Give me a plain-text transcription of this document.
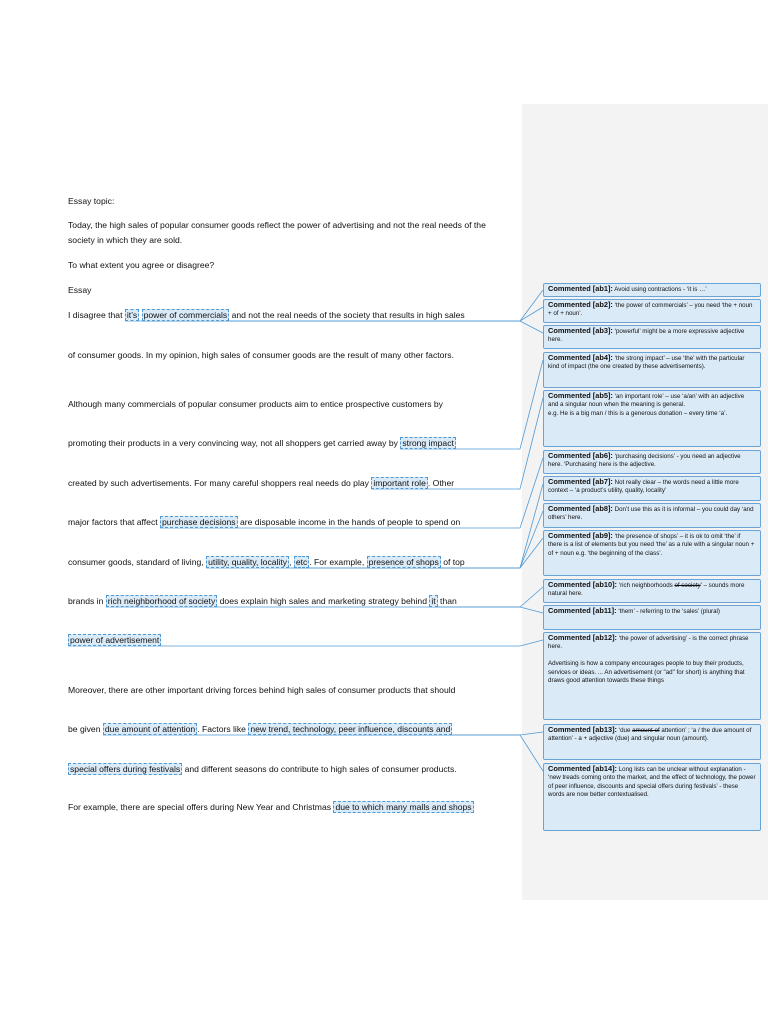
Essay topic:

Today, the high sales of popular consumer goods reflect the power of advertising and not the real needs of the society in which they are sold.

To what extent you agree or disagree?

Essay

I disagree that it’s power of commercials and not the real needs of the society that results in high sales

of consumer goods. In my opinion, high sales of consumer goods are the result of many other factors.

Although many commercials of popular consumer products aim to entice prospective customers by

promoting their products in a very convincing way, not all shoppers get carried away by strong impact

created by such advertisements. For many careful shoppers real needs do play important role . Other

major factors that affect purchase decisions are disposable income in the hands of people to spend on

consumer goods, standard of living, utility, quality, locality , etc . For example, presence of shops of top

brands in rich neighborhood of society does explain high sales and marketing strategy behind it than

power of advertisement

Moreover, there are other important driving forces behind high sales of consumer products that should

be given due amount of attention . Factors like new trend, technology, peer influence, discounts and

special offers during festivals and different seasons do contribute to high sales of consumer products.

For example, there are special offers during New Year and Christmas due to which many malls and shops

Commented [ab1]: Avoid using contractions - ‘it is …’
Commented [ab2]: ‘the power of commercials’ – you need ‘the + noun + of + noun’.
Commented [ab3]: ‘powerful’ might be a more expressive adjective here.
Commented [ab4]: ‘the strong impact’ – use ‘the’ with the particular kind of impact (the one created by these advertisements).
Commented [ab5]: ‘an important role’ – use ‘a/an’ with an adjective and a singular noun when the meaning is general.
e.g. He is a big man / this is a generous donation – every time ‘a’.
Commented [ab6]: ‘purchasing decisions’ - you need an adjective here. ‘Purchasing’ here is the adjective.
Commented [ab7]: Not really clear – the words need a little more context – ‘a product’s utility, quality, locality’
Commented [ab8]: Don’t use this as it is informal – you could day ‘and others’ here.
Commented [ab9]: ‘the presence of shops’ – it is ok to omit ‘the’ if there is a list of elements but you need ‘the’ as a rule with a singular noun + of + noun e.g. ‘the beginning of the class’.
Commented [ab10]: ‘rich neighborhoods of society’ – sounds more natural here.
Commented [ab11]: ‘them’ - referring to the ‘sales’ (plural)
Commented [ab12]: ‘the power of advertising’ - is the correct phrase here.

Advertising is how a company encourages people to buy their products, services or ideas. ... An advertisement (or "ad" for short) is anything that draws good attention towards these things
Commented [ab13]: ‘due amount of attention’ ; ‘a / the due amount of attention’ - a + adjective (due) and singular noun (amount).
Commented [ab14]: Long lists can be unclear without explanation -
‘new treads coming onto the market, and the effect of technology, the power of peer influence, discounts and special offers during festivals’ - these words are now better contextualised.
